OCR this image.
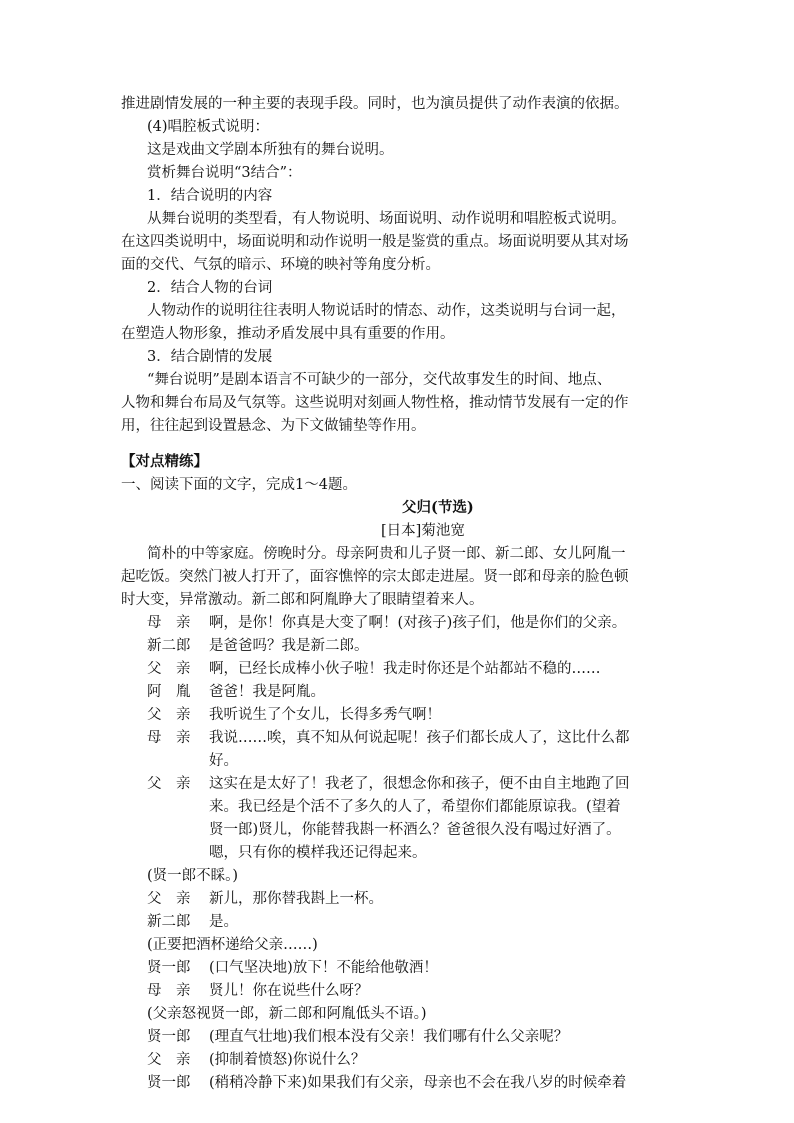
推进剧情发展的一种主要的表现手段。同时，也为演员提供了动作表演的依据。
(4)唱腔板式说明：
这是戏曲文学剧本所独有的舞台说明。
赏析舞台说明“3结合”：
1．结合说明的内容
从舞台说明的类型看，有人物说明、场面说明、动作说明和唱腔板式说明。
在这四类说明中，场面说明和动作说明一般是鉴赏的重点。场面说明要从其对场
面的交代、气氛的暗示、环境的映衬等角度分析。
2．结合人物的台词
人物动作的说明往往表明人物说话时的情态、动作，这类说明与台词一起，
在塑造人物形象，推动矛盾发展中具有重要的作用。
3．结合剧情的发展
“舞台说明”是剧本语言不可缺少的一部分，交代故事发生的时间、地点、
人物和舞台布局及气氛等。这些说明对刻画人物性格，推动情节发展有一定的作
用，往往起到设置悬念、为下文做铺垫等作用。
【对点精练】
一、阅读下面的文字，完成1～4题。
父归(节选)
[日本]菊池宽
简朴的中等家庭。傍晚时分。母亲阿贵和儿子贤一郎、新二郎、女儿阿胤一
起吃饭。突然门被人打开了，面容憔悴的宗太郎走进屋。贤一郎和母亲的脸色顿
时大变，异常激动。新二郎和阿胤睁大了眼睛望着来人。
母　亲 啊，是你！你真是大变了啊！(对孩子)孩子们，他是你们的父亲。
新二郎 是爸爸吗？我是新二郎。
父　亲 啊，已经长成棒小伙子啦！我走时你还是个站都站不稳的……
阿　胤 爸爸！我是阿胤。
父　亲 我听说生了个女儿，长得多秀气啊！
母　亲 我说……唉，真不知从何说起呢！孩子们都长成人了，这比什么都
好。
父　亲 这实在是太好了！我老了，很想念你和孩子，便不由自主地跑了回
来。我已经是个活不了多久的人了，希望你们都能原谅我。(望着
贤一郎)贤儿，你能替我斟一杯酒么？爸爸很久没有喝过好酒了。
嗯，只有你的模样我还记得起来。
(贤一郎不睬。)
父　亲 新儿，那你替我斟上一杯。
新二郎 是。
(正要把酒杯递给父亲……)
贤一郎 (口气坚决地)放下！不能给他敬酒！
母　亲 贤儿！你在说些什么呀？
(父亲怒视贤一郎，新二郎和阿胤低头不语。)
贤一郎 (理直气壮地)我们根本没有父亲！我们哪有什么父亲呢？
父　亲 (抑制着愤怒)你说什么？
贤一郎 (稍稍冷静下来)如果我们有父亲，母亲也不会在我八岁的时候牵着
